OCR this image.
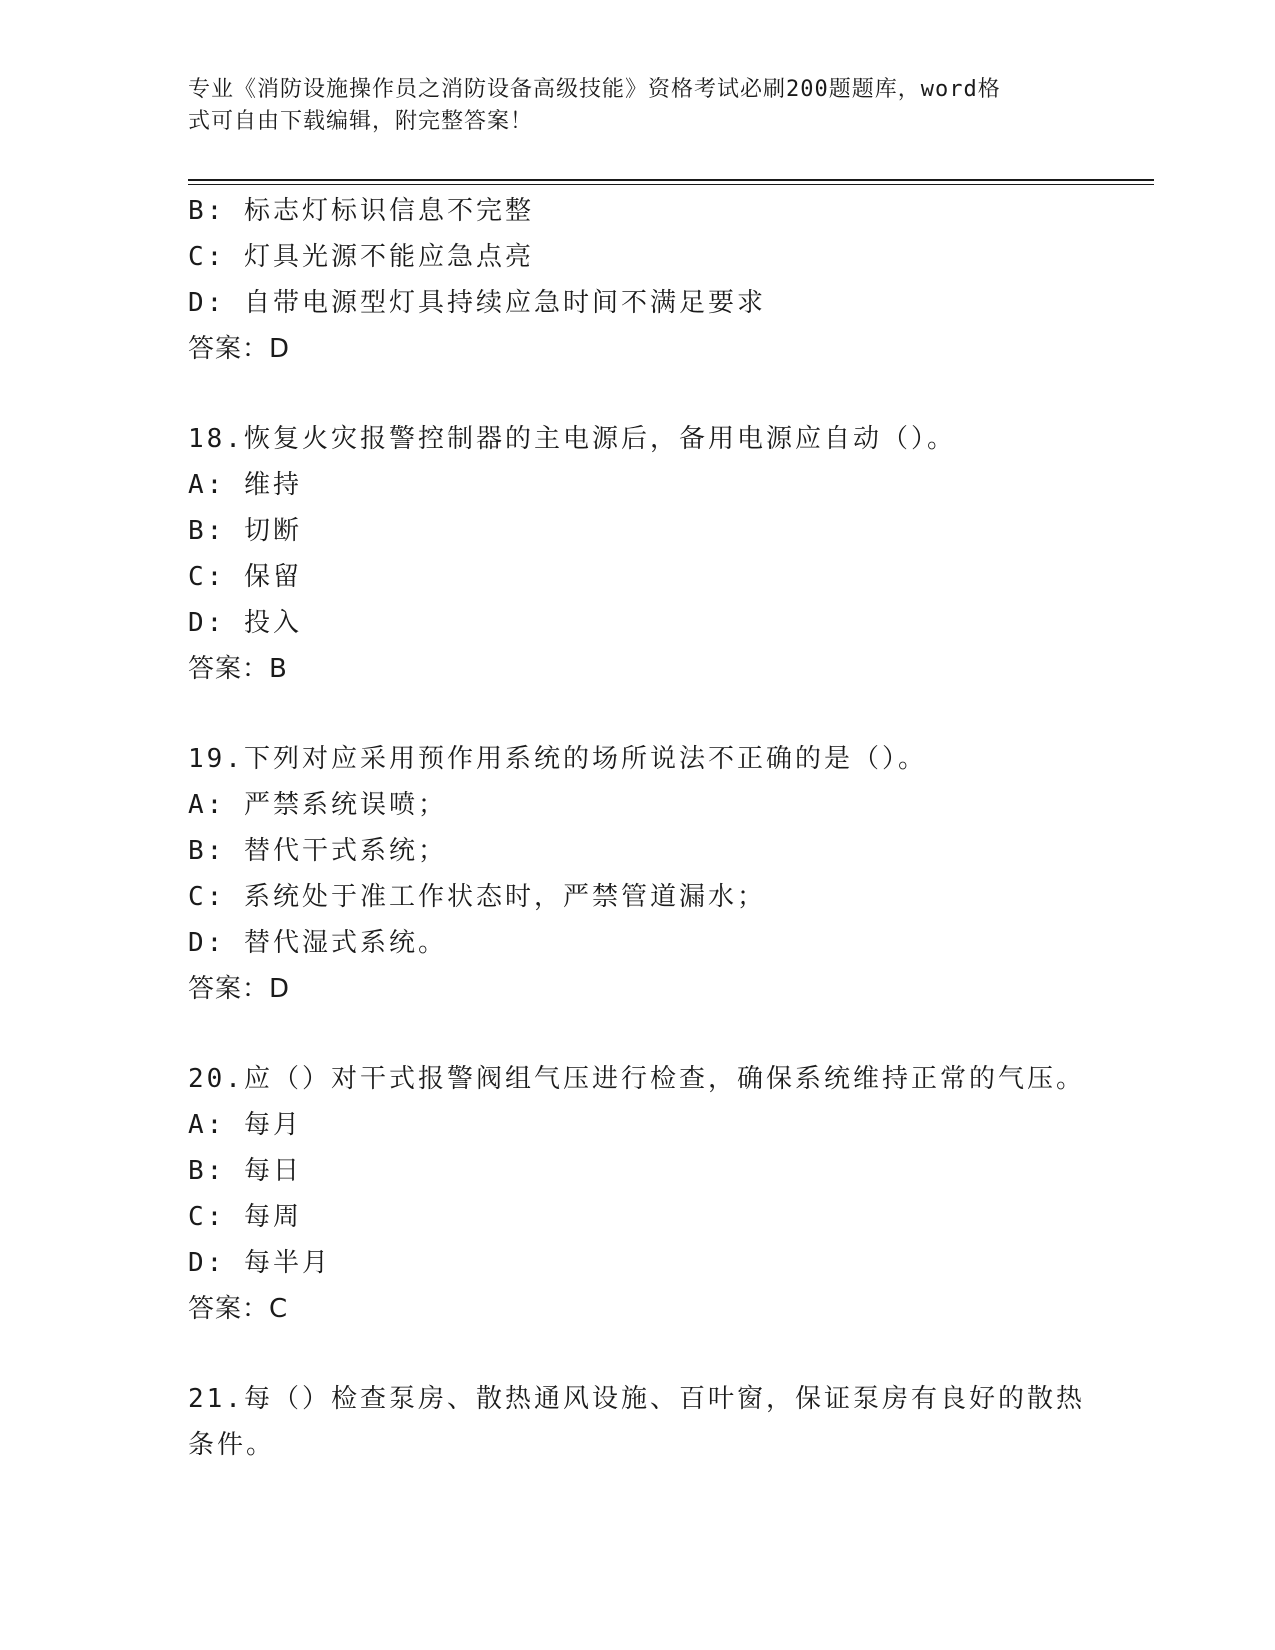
专业《消防设施操作员之消防设备高级技能》资格考试必刷200题题库，word格
式可自由下载编辑，附完整答案！
B: 标志灯标识信息不完整
C: 灯具光源不能应急点亮
D: 自带电源型灯具持续应急时间不满足要求
答案：D
18.恢复火灾报警控制器的主电源后，备用电源应自动（）。
A: 维持
B: 切断
C: 保留
D: 投入
答案：B
19.下列对应采用预作用系统的场所说法不正确的是（）。
A: 严禁系统误喷；
B: 替代干式系统；
C: 系统处于准工作状态时，严禁管道漏水；
D: 替代湿式系统。
答案：D
20.应（）对干式报警阀组气压进行检查，确保系统维持正常的气压。
A: 每月
B: 每日
C: 每周
D: 每半月
答案：C
21.每（）检查泵房、散热通风设施、百叶窗，保证泵房有良好的散热
条件。
